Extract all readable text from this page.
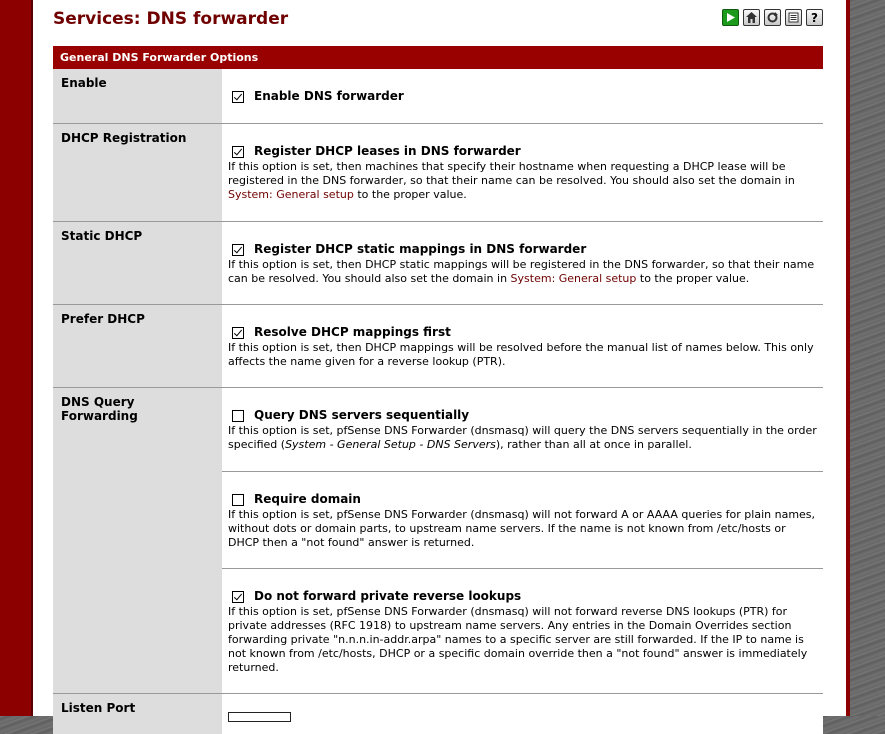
Services: DNS forwarder	?
General DNS Forwarder Options
Enable
Enable DNS forwarder
DHCP Registration
Register DHCP leases in DNS forwarder
If this option is set, then machines that specify their hostname when requesting a DHCP lease will be registered in the DNS forwarder, so that their name can be resolved. You should also set the domain in System: General setup to the proper value.
Static DHCP
Register DHCP static mappings in DNS forwarder
If this option is set, then DHCP static mappings will be registered in the DNS forwarder, so that their name can be resolved. You should also set the domain in System: General setup to the proper value.
Prefer DHCP
Resolve DHCP mappings first
If this option is set, then DHCP mappings will be resolved before the manual list of names below. This only affects the name given for a reverse lookup (PTR).
DNS Query Forwarding	Query DNS servers sequentially
If this option is set, pfSense DNS Forwarder (dnsmasq) will query the DNS servers sequentially in the order specified (System - General Setup - DNS Servers), rather than all at once in parallel.
Require domain
If this option is set, pfSense DNS Forwarder (dnsmasq) will not forward A or AAAA queries for plain names, without dots or domain parts, to upstream name servers. If the name is not known from /etc/hosts or DHCP then a "not found" answer is returned.
Do not forward private reverse lookups
If this option is set, pfSense DNS Forwarder (dnsmasq) will not forward reverse DNS lookups (PTR) for private addresses (RFC 1918) to upstream name servers. Any entries in the Domain Overrides section forwarding private "n.n.n.in-addr.arpa" names to a specific server are still forwarded. If the IP to name is not known from /etc/hosts, DHCP or a specific domain override then a "not found" answer is immediately returned.
Listen Port
